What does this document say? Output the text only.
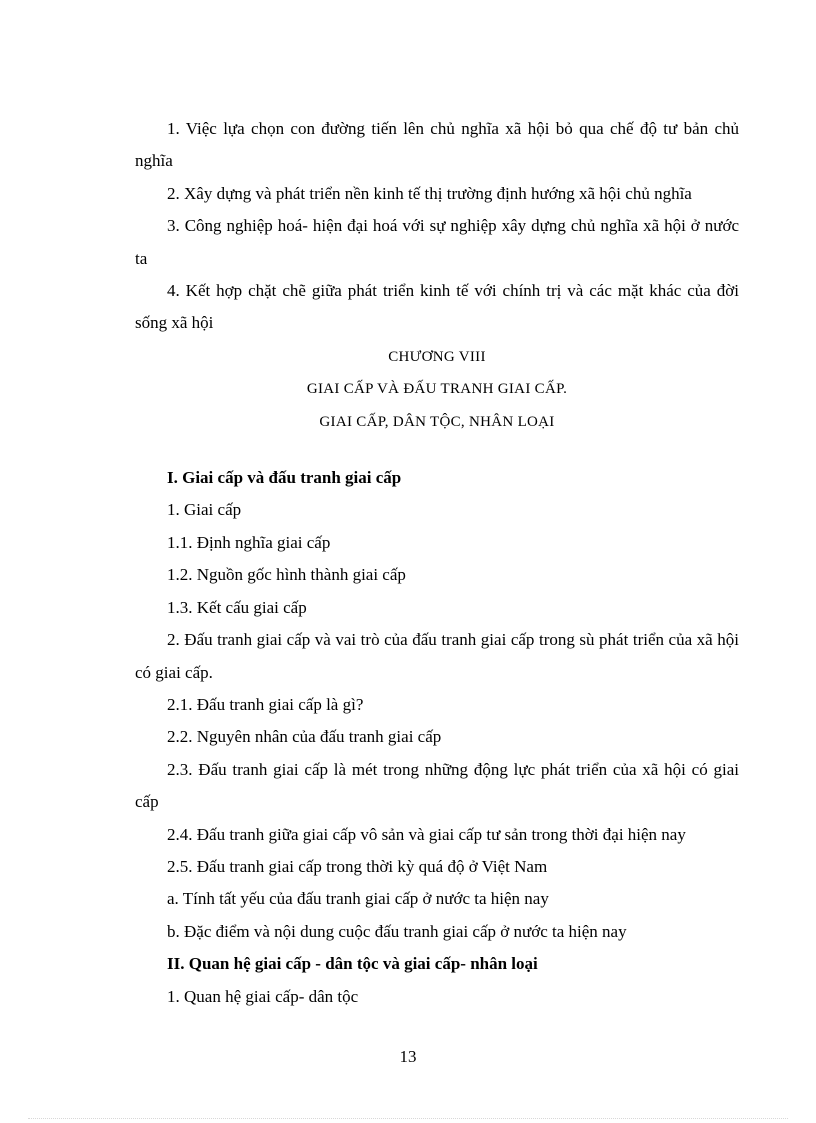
1. Việc lựa chọn con đường tiến lên chủ nghĩa xã hội bỏ qua chế độ tư bản chủ nghĩa

2. Xây dựng và phát triển nền kinh tế thị trường định hướng xã hội chủ nghĩa

3. Công nghiệp hoá- hiện đại hoá với sự nghiệp xây dựng chủ nghĩa xã hội ở nước ta

4. Kết hợp chặt chẽ giữa phát triển kinh tế với chính trị và các mặt khác của đời sống xã hội

CHƯƠNG VIII

GIAI CẤP VÀ ĐẤU TRANH GIAI CẤP.

GIAI CẤP, DÂN TỘC, NHÂN LOẠI

I. Giai cấp và đấu tranh giai cấp

1. Giai cấp

1.1. Định nghĩa giai cấp

1.2. Nguồn gốc hình thành giai cấp

1.3. Kết cấu giai cấp

2. Đấu tranh giai cấp và vai trò của đấu tranh giai cấp trong sù phát triển của xã hội có giai cấp.

2.1. Đấu tranh giai cấp là gì?

2.2. Nguyên nhân của đấu tranh giai cấp

2.3. Đấu tranh giai cấp là mét trong những động lực phát triển của xã hội có giai cấp

2.4. Đấu tranh giữa giai cấp vô sản và giai cấp tư sản trong thời đại hiện nay

2.5. Đấu tranh giai cấp trong thời kỳ quá độ ở Việt Nam

a. Tính tất yếu của đấu tranh giai cấp ở nước ta hiện nay

b. Đặc điểm và nội dung cuộc đấu tranh giai cấp ở nước ta hiện nay

II. Quan hệ giai cấp - dân tộc và giai cấp- nhân loại

1. Quan hệ giai cấp- dân tộc

13
